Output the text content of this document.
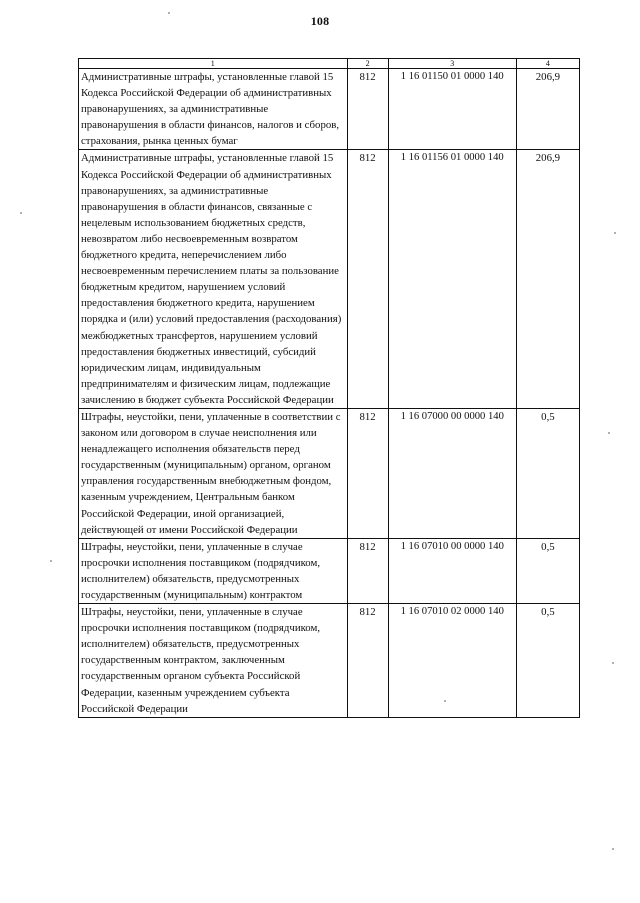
108
1	2	3	4
Административные штрафы, установленные главой 15 Кодекса Российской Федерации об административных правонарушениях, за административные правонарушения в области финансов, налогов и сборов, страхования, рынка ценных бумаг	812	1 16 01150 01 0000 140	206,9
Административные штрафы, установленные главой 15 Кодекса Российской Федерации об административных правонарушениях, за административные правонарушения в области финансов, связанные с нецелевым использованием бюджетных средств, невозвратом либо несвоевременным возвратом бюджетного кредита, неперечислением либо несвоевременным перечислением платы за пользование бюджетным кредитом, нарушением условий предоставления бюджетного кредита, нарушением порядка и (или) условий предоставления (расходования) межбюджетных трансфертов, нарушением условий предоставления бюджетных инвестиций, субсидий юридическим лицам, индивидуальным предпринимателям и физическим лицам, подлежащие зачислению в бюджет субъекта Российской Федерации	812	1 16 01156 01 0000 140	206,9
Штрафы, неустойки, пени, уплаченные в соответствии с законом или договором в случае неисполнения или ненадлежащего исполнения обязательств перед государственным (муниципальным) органом, органом управления государственным внебюджетным фондом, казенным учреждением, Центральным банком Российской Федерации, иной организацией, действующей от имени Российской Федерации	812	1 16 07000 00 0000 140	0,5
Штрафы, неустойки, пени, уплаченные в случае просрочки исполнения поставщиком (подрядчиком, исполнителем) обязательств, предусмотренных государственным (муниципальным) контрактом	812	1 16 07010 00 0000 140	0,5
Штрафы, неустойки, пени, уплаченные в случае просрочки исполнения поставщиком (подрядчиком, исполнителем) обязательств, предусмотренных государственным контрактом, заключенным государственным органом субъекта Российской Федерации, казенным учреждением субъекта Российской Федерации	812	1 16 07010 02 0000 140	0,5
